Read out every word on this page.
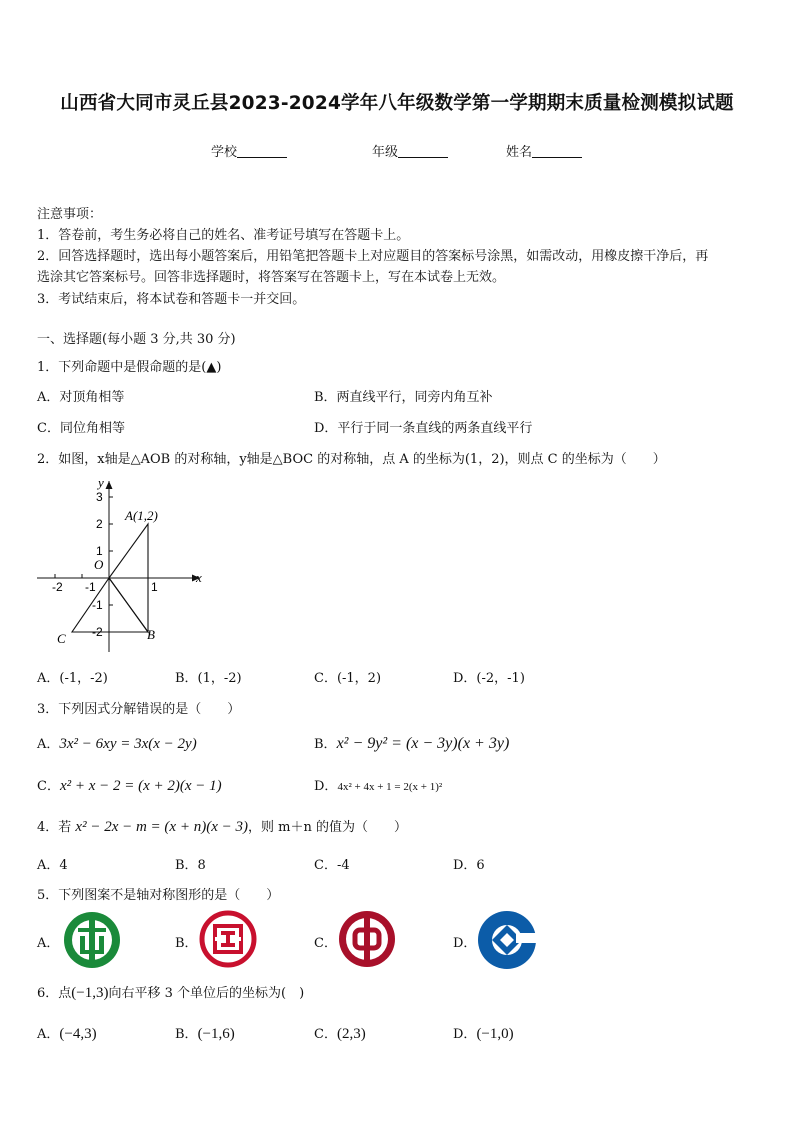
山西省大同市灵丘县2023-2024学年八年级数学第一学期期末质量检测模拟试题
学校	年级	姓名
注意事项：
1．答卷前，考生务必将自己的姓名、准考证号填写在答题卡上。
2．回答选择题时，选出每小题答案后，用铅笔把答题卡上对应题目的答案标号涂黑，如需改动，用橡皮擦干净后，再
选涂其它答案标号。回答非选择题时，将答案写在答题卡上，写在本试卷上无效。
3．考试结束后，将本试卷和答题卡一并交回。
一、选择题(每小题 3 分,共 30 分)
1．下列命题中是假命题的是(▲)
A．对顶角相等	B．两直线平行，同旁内角互补
C．同位角相等	D．平行于同一条直线的两条直线平行
2．如图，x轴是△AOB 的对称轴，y轴是△BOC 的对称轴，点 A 的坐标为(1，2)，则点 C 的坐标为（　　）
A(1,2)
B
C
O
x
y
3
2
1
-1
-2
-2 -1	1
A．(-1，-2)	B．(1，-2)	C．(-1，2)	D．(-2，-1)
3．下列因式分解错误的是（　　）
A．3x² − 6xy = 3x(x − 2y)	B．x² − 9y² = (x − 3y)(x + 3y)
C．x² + x − 2 = (x + 2)(x − 1)	D．4x² + 4x + 1 = 2(x + 1)²
4．若 x² − 2x − m = (x + n)(x − 3)，则 m＋n 的值为（　　）
A．4	B．8	C．-4	D．6
5．下列图案不是轴对称图形的是（　　）
A．	B．	C．	D．
6．点(−1,3)向右平移 3 个单位后的坐标为(　)
A．(−4,3)	B．(−1,6)	C．(2,3)	D．(−1,0)
